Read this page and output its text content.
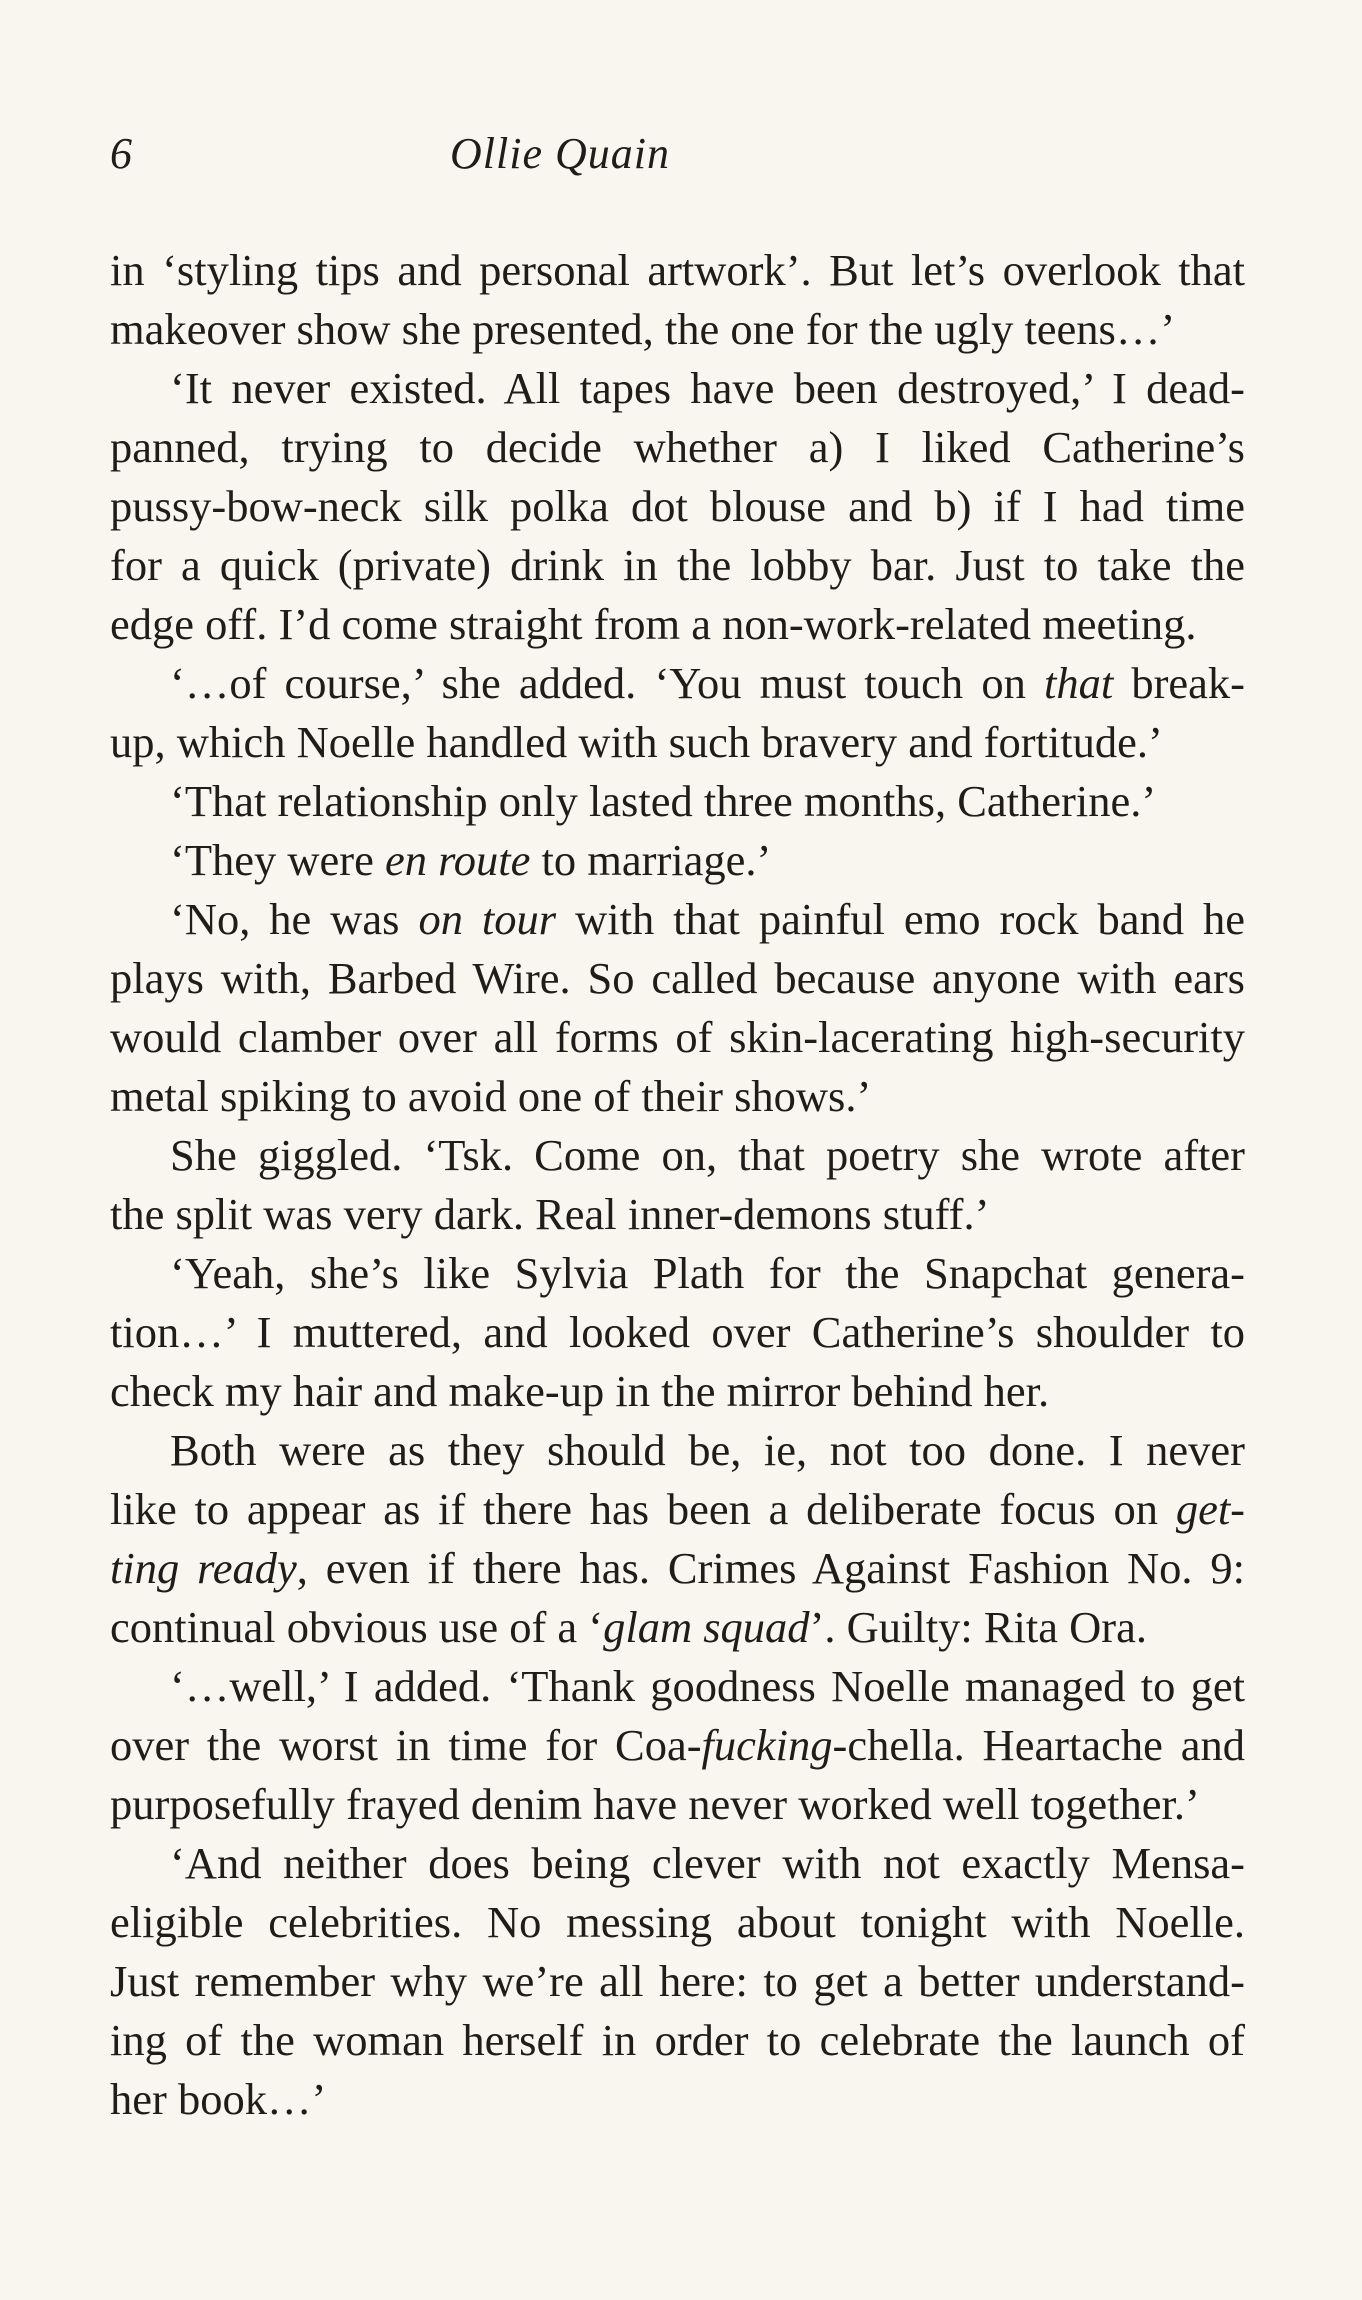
6	Ollie Quain
in ‘styling tips and personal artwork’. But let’s overlook that
makeover show she presented, the one for the ugly teens…’
‘It never existed. All tapes have been destroyed,’ I dead-
panned, trying to decide whether a) I liked Catherine’s
pussy-bow-neck silk polka dot blouse and b) if I had time
for a quick (private) drink in the lobby bar. Just to take the
edge off. I’d come straight from a non-work-related meeting.
‘…of course,’ she added. ‘You must touch on that break-
up, which Noelle handled with such bravery and fortitude.’
‘That relationship only lasted three months, Catherine.’
‘They were en route to marriage.’
‘No, he was on tour with that painful emo rock band he
plays with, Barbed Wire. So called because anyone with ears
would clamber over all forms of skin-lacerating high-security
metal spiking to avoid one of their shows.’
She giggled. ‘Tsk. Come on, that poetry she wrote after
the split was very dark. Real inner-demons stuff.’
‘Yeah, she’s like Sylvia Plath for the Snapchat genera-
tion…’ I muttered, and looked over Catherine’s shoulder to
check my hair and make-up in the mirror behind her.
Both were as they should be, ie, not too done. I never
like to appear as if there has been a deliberate focus on get-
ting ready, even if there has. Crimes Against Fashion No. 9:
continual obvious use of a ‘glam squad’. Guilty: Rita Ora.
‘…well,’ I added. ‘Thank goodness Noelle managed to get
over the worst in time for Coa-fucking-chella. Heartache and
purposefully frayed denim have never worked well together.’
‘And neither does being clever with not exactly Mensa-
eligible celebrities. No messing about tonight with Noelle.
Just remember why we’re all here: to get a better understand-
ing of the woman herself in order to celebrate the launch of
her book…’
